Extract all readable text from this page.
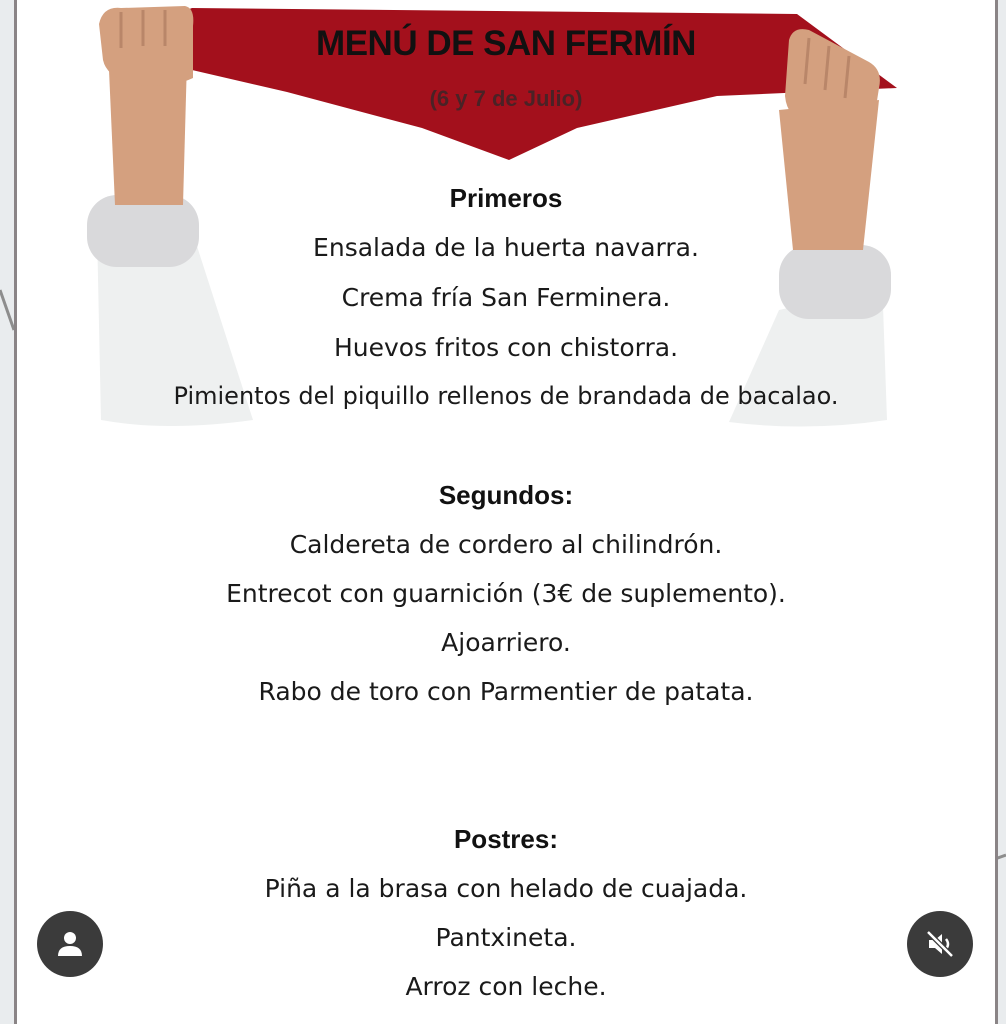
MENÚ DE SAN FERMÍN
(6 y 7 de Julio)
Primeros
Ensalada de la huerta navarra.
Crema fría San Ferminera.
Huevos fritos con chistorra.
Pimientos del piquillo rellenos de brandada de bacalao.
Segundos:
Caldereta de cordero al chilindrón.
Entrecot con guarnición (3€ de suplemento).
Ajoarriero.
Rabo de toro con Parmentier de patata.
Postres:
Piña a la brasa con helado de cuajada.
Pantxineta.
Arroz con leche.
